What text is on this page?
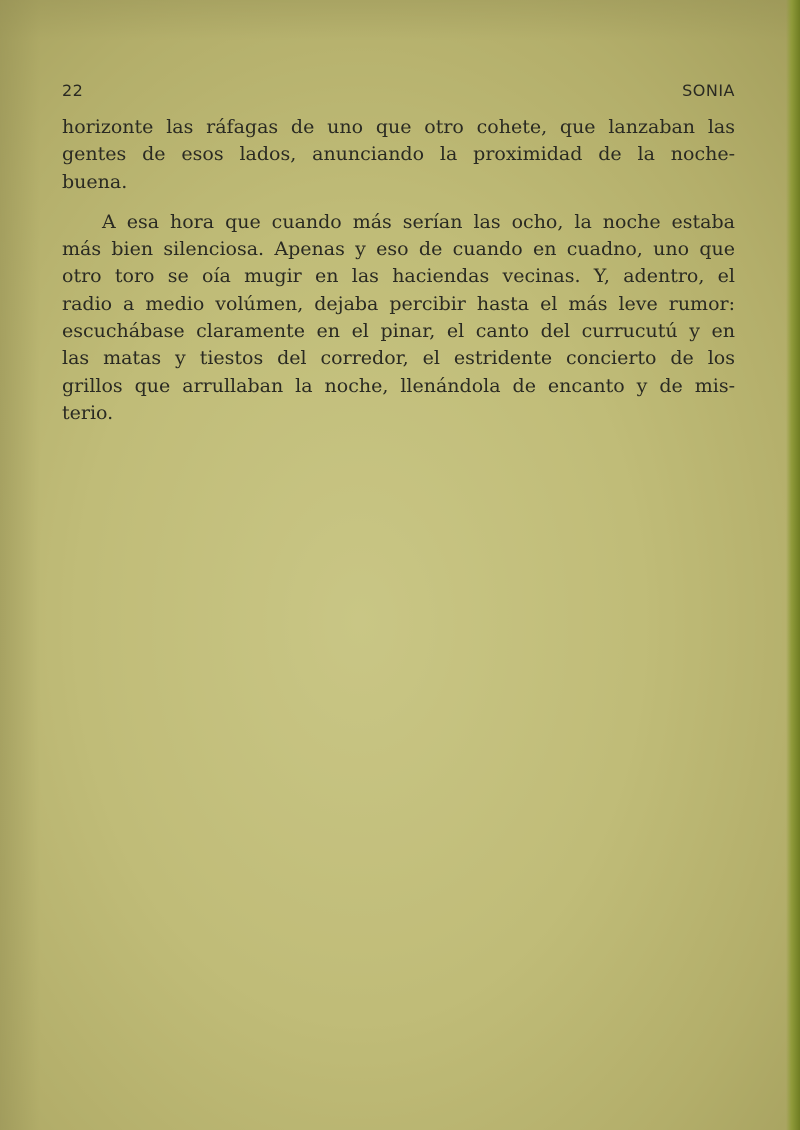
22	SONIA
horizonte las ráfagas de uno que otro cohete, que lanzaban las
gentes de esos lados, anunciando la proximidad de la noche-
buena.
A esa hora que cuando más serían las ocho, la noche estaba
más bien silenciosa. Apenas y eso de cuando en cuadno, uno que
otro toro se oía mugir en las haciendas vecinas. Y, adentro, el
radio a medio volúmen, dejaba percibir hasta el más leve rumor:
escuchábase claramente en el pinar, el canto del currucutú y en
las matas y tiestos del corredor, el estridente concierto de los
grillos que arrullaban la noche, llenándola de encanto y de mis-
terio.
